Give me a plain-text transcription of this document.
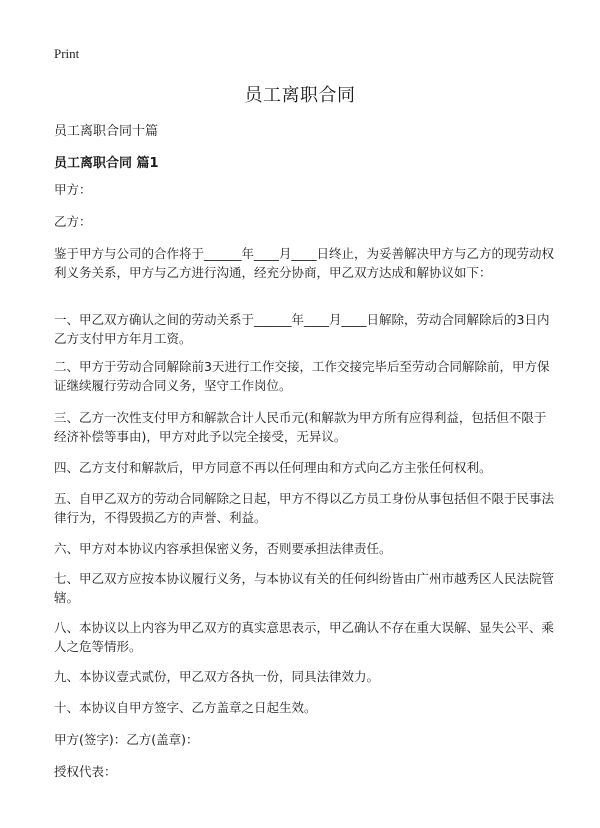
Print
员工离职合同
员工离职合同十篇
员工离职合同 篇1

甲方：

乙方：

鉴于甲方与公司的合作将于______年____月____日终止，为妥善解决甲方与乙方的现劳动权利义务关系，甲方与乙方进行沟通，经充分协商，甲乙双方达成和解协议如下：

一、甲乙双方确认之间的劳动关系于______年____月____日解除，劳动合同解除后的3日内乙方支付甲方年月工资。

二、甲方于劳动合同解除前3天进行工作交接，工作交接完毕后至劳动合同解除前，甲方保证继续履行劳动合同义务，坚守工作岗位。

三、乙方一次性支付甲方和解款合计人民币元(和解款为甲方所有应得利益，包括但不限于经济补偿等事由)，甲方对此予以完全接受，无异议。

四、乙方支付和解款后，甲方同意不再以任何理由和方式向乙方主张任何权利。

五、自甲乙双方的劳动合同解除之日起，甲方不得以乙方员工身份从事包括但不限于民事法律行为，不得毁损乙方的声誉、利益。

六、甲方对本协议内容承担保密义务，否则要承担法律责任。

七、甲乙双方应按本协议履行义务，与本协议有关的任何纠纷皆由广州市越秀区人民法院管辖。

八、本协议以上内容为甲乙双方的真实意思表示，甲乙确认不存在重大误解、显失公平、乘人之危等情形。

九、本协议壹式贰份，甲乙双方各执一份，同具法律效力。

十、本协议自甲方签字、乙方盖章之日起生效。

甲方(签字)：乙方(盖章)：

授权代表：
